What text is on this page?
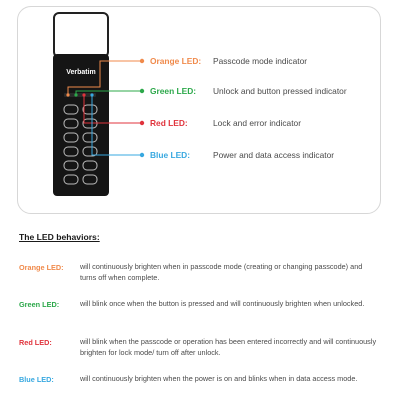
Verbatim
Orange LED: Passcode mode indicator
Green LED: Unlock and button pressed indicator
Red LED:	Lock and error indicator
Blue LED:	Power and data access indicator
The LED behaviors:
Orange LED: will continuously brighten when in passcode mode (creating or changing passcode) and turns off when complete.
Green LED:	will blink once when the button is pressed and will continuously brighten when unlocked.
Red LED:	will blink when the passcode or operation has been entered incorrectly and will continuously brighten for lock mode/ turn off after unlock.
Blue LED:	will continuously brighten when the power is on and blinks when in data access mode.
